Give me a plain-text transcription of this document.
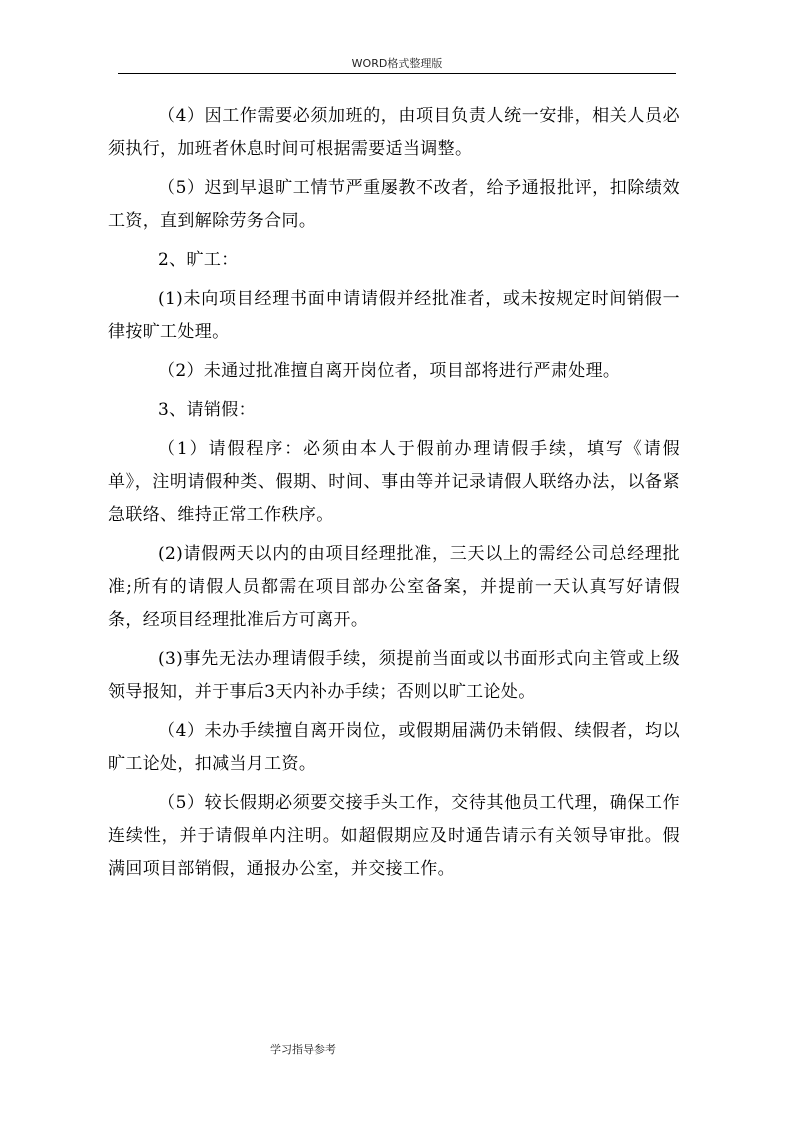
WORD格式整理版

（4）因工作需要必须加班的，由项目负责人统一安排，相关人员必须执行，加班者休息时间可根据需要适当调整。

（5）迟到早退旷工情节严重屡教不改者，给予通报批评，扣除绩效工资，直到解除劳务合同。

2、旷工：

(1)未向项目经理书面申请请假并经批准者，或未按规定时间销假一律按旷工处理。

（2）未通过批准擅自离开岗位者，项目部将进行严肃处理。

3、请销假：

（1）请假程序：必须由本人于假前办理请假手续，填写《请假单》，注明请假种类、假期、时间、事由等并记录请假人联络办法，以备紧急联络、维持正常工作秩序。

(2)请假两天以内的由项目经理批准，三天以上的需经公司总经理批准;所有的请假人员都需在项目部办公室备案，并提前一天认真写好请假条，经项目经理批准后方可离开。

(3)事先无法办理请假手续，须提前当面或以书面形式向主管或上级领导报知，并于事后3天内补办手续；否则以旷工论处。

（4）未办手续擅自离开岗位，或假期届满仍未销假、续假者，均以旷工论处，扣减当月工资。

（5）较长假期必须要交接手头工作，交待其他员工代理，确保工作连续性，并于请假单内注明。如超假期应及时通告请示有关领导审批。假满回项目部销假，通报办公室，并交接工作。

学习指导参考
